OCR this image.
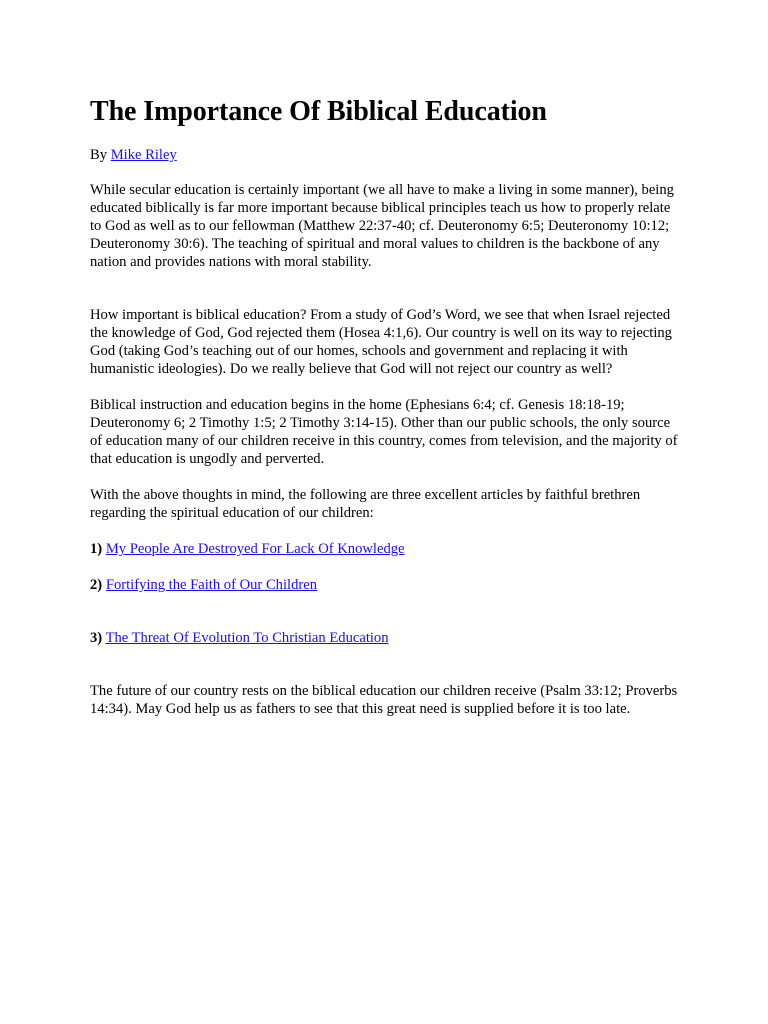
The Importance Of Biblical Education

By Mike Riley

While secular education is certainly important (we all have to make a living in some manner), being educated biblically is far more important because biblical principles teach us how to properly relate to God as well as to our fellowman (Matthew 22:37-40; cf. Deuteronomy 6:5; Deuteronomy 10:12; Deuteronomy 30:6). The teaching of spiritual and moral values to children is the backbone of any nation and provides nations with moral stability.

How important is biblical education? From a study of God’s Word, we see that when Israel rejected the knowledge of God, God rejected them (Hosea 4:1,6). Our country is well on its way to rejecting God (taking God’s teaching out of our homes, schools and government and replacing it with humanistic ideologies). Do we really believe that God will not reject our country as well?

Biblical instruction and education begins in the home (Ephesians 6:4; cf. Genesis 18:18-19; Deuteronomy 6; 2 Timothy 1:5; 2 Timothy 3:14-15). Other than our public schools, the only source of education many of our children receive in this country, comes from television, and the majority of that education is ungodly and perverted.

With the above thoughts in mind, the following are three excellent articles by faithful brethren regarding the spiritual education of our children:

1) My People Are Destroyed For Lack Of Knowledge

2) Fortifying the Faith of Our Children

3) The Threat Of Evolution To Christian Education

The future of our country rests on the biblical education our children receive (Psalm 33:12; Proverbs 14:34). May God help us as fathers to see that this great need is supplied before it is too late.
